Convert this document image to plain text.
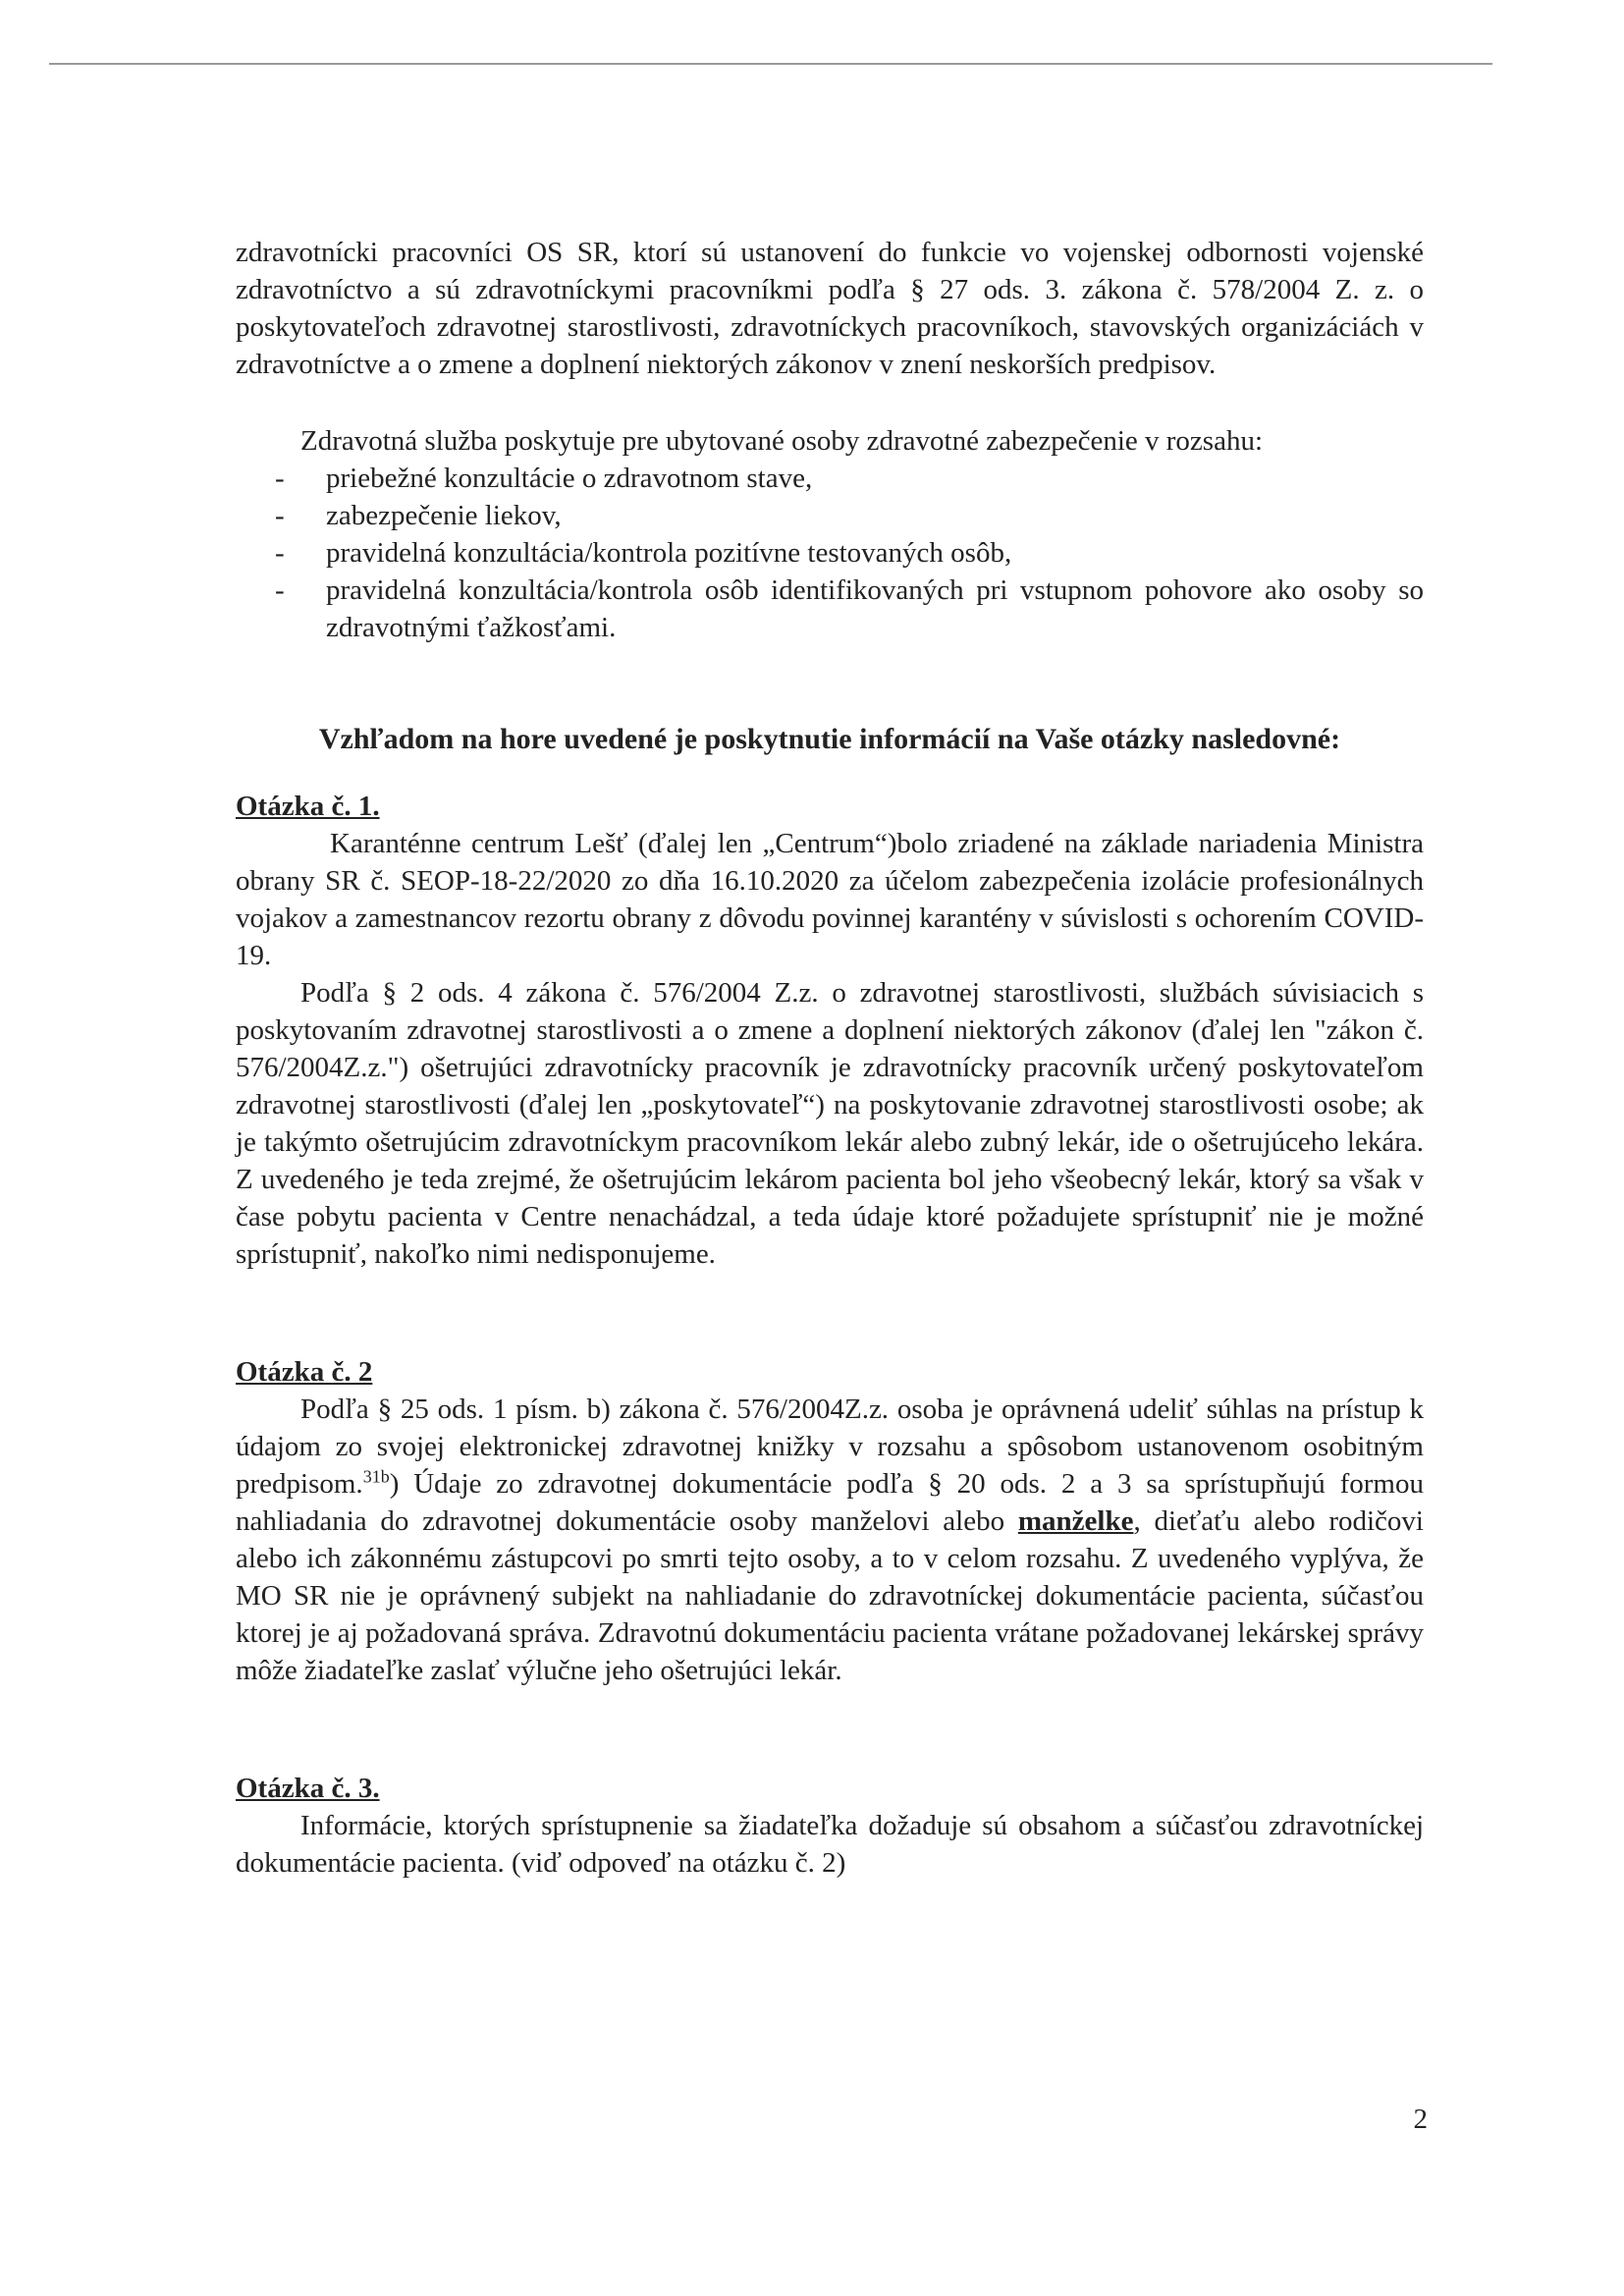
zdravotnícki pracovníci OS SR, ktorí sú ustanovení do funkcie vo vojenskej odbornosti vojenské zdravotníctvo a sú zdravotníckymi pracovníkmi podľa § 27 ods. 3. zákona č. 578/2004 Z. z. o poskytovateľoch zdravotnej starostlivosti, zdravotníckych pracovníkoch, stavovských organizáciách v zdravotníctve a o zmene a doplnení niektorých zákonov v znení neskorších predpisov.

Zdravotná služba poskytuje pre ubytované osoby zdravotné zabezpečenie v rozsahu:

- priebežné konzultácie o zdravotnom stave,
- zabezpečenie liekov,
- pravidelná konzultácia/kontrola pozitívne testovaných osôb,
- pravidelná konzultácia/kontrola osôb identifikovaných pri vstupnom pohovore ako osoby so zdravotnými ťažkosťami.

Vzhľadom na hore uvedené je poskytnutie informácií na Vaše otázky nasledovné:

Otázka č. 1.

Karanténne centrum Lešť (ďalej len „Centrum“)bolo zriadené na základe nariadenia Ministra obrany SR č. SEOP-18-22/2020 zo dňa 16.10.2020 za účelom zabezpečenia izolácie profesionálnych vojakov a zamestnancov rezortu obrany z dôvodu povinnej karantény v súvislosti s ochorením COVID- 19.

Podľa § 2 ods. 4 zákona č. 576/2004 Z.z. o zdravotnej starostlivosti, službách súvisiacich s poskytovaním zdravotnej starostlivosti a o zmene a doplnení niektorých zákonov (ďalej len "zákon č. 576/2004Z.z.") ošetrujúci zdravotnícky pracovník je zdravotnícky pracovník určený poskytovateľom zdravotnej starostlivosti (ďalej len „poskytovateľ“) na poskytovanie zdravotnej starostlivosti osobe; ak je takýmto ošetrujúcim zdravotníckym pracovníkom lekár alebo zubný lekár, ide o ošetrujúceho lekára. Z uvedeného je teda zrejmé, že ošetrujúcim lekárom pacienta bol jeho všeobecný lekár, ktorý sa však v čase pobytu pacienta v Centre nenachádzal, a teda údaje ktoré požadujete sprístupniť nie je možné sprístupniť, nakoľko nimi nedisponujeme.

Otázka č. 2

Podľa § 25 ods. 1 písm. b) zákona č. 576/2004Z.z. osoba je oprávnená udeliť súhlas na prístup k údajom zo svojej elektronickej zdravotnej knižky v rozsahu a spôsobom ustanovenom osobitným predpisom.$^{31b}$) Údaje zo zdravotnej dokumentácie podľa § 20 ods. 2 a 3 sa sprístupňujú formou nahliadania do zdravotnej dokumentácie osoby manželovi alebo manželke, dieťaťu alebo rodičovi alebo ich zákonnému zástupcovi po smrti tejto osoby, a to v celom rozsahu. Z uvedeného vyplýva, že MO SR nie je oprávnený subjekt na nahliadanie do zdravotníckej dokumentácie pacienta, súčasťou ktorej je aj požadovaná správa. Zdravotnú dokumentáciu pacienta vrátane požadovanej lekárskej správy môže žiadateľke zaslať výlučne jeho ošetrujúci lekár.

Otázka č. 3.

Informácie, ktorých sprístupnenie sa žiadateľka dožaduje sú obsahom a súčasťou zdravotníckej dokumentácie pacienta. (viď odpoveď na otázku č. 2)

2
